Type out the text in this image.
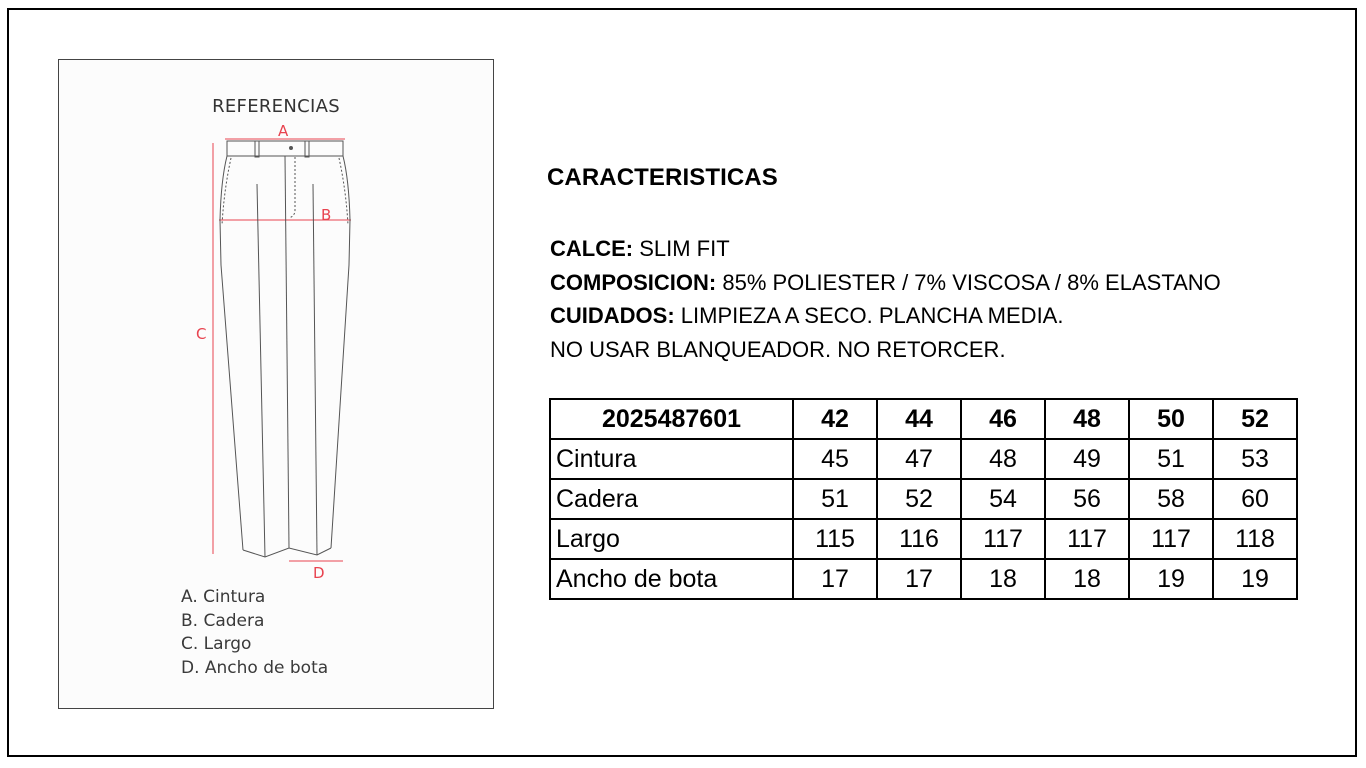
REFERENCIAS
A
B
C
D
A. Cintura
B. Cadera
C. Largo
D. Ancho de bota
CARACTERISTICAS
CALCE: SLIM FIT
COMPOSICION: 85% POLIESTER / 7% VISCOSA / 8% ELASTANO
CUIDADOS: LIMPIEZA A SECO. PLANCHA MEDIA.
NO USAR BLANQUEADOR. NO RETORCER.
2025487601	42	44	46	48	50	52
Cintura	45	47	48	49	51	53
Cadera	51	52	54	56	58	60
Largo	115	116	117	117	117	118
Ancho de bota	17	17	18	18	19	19
